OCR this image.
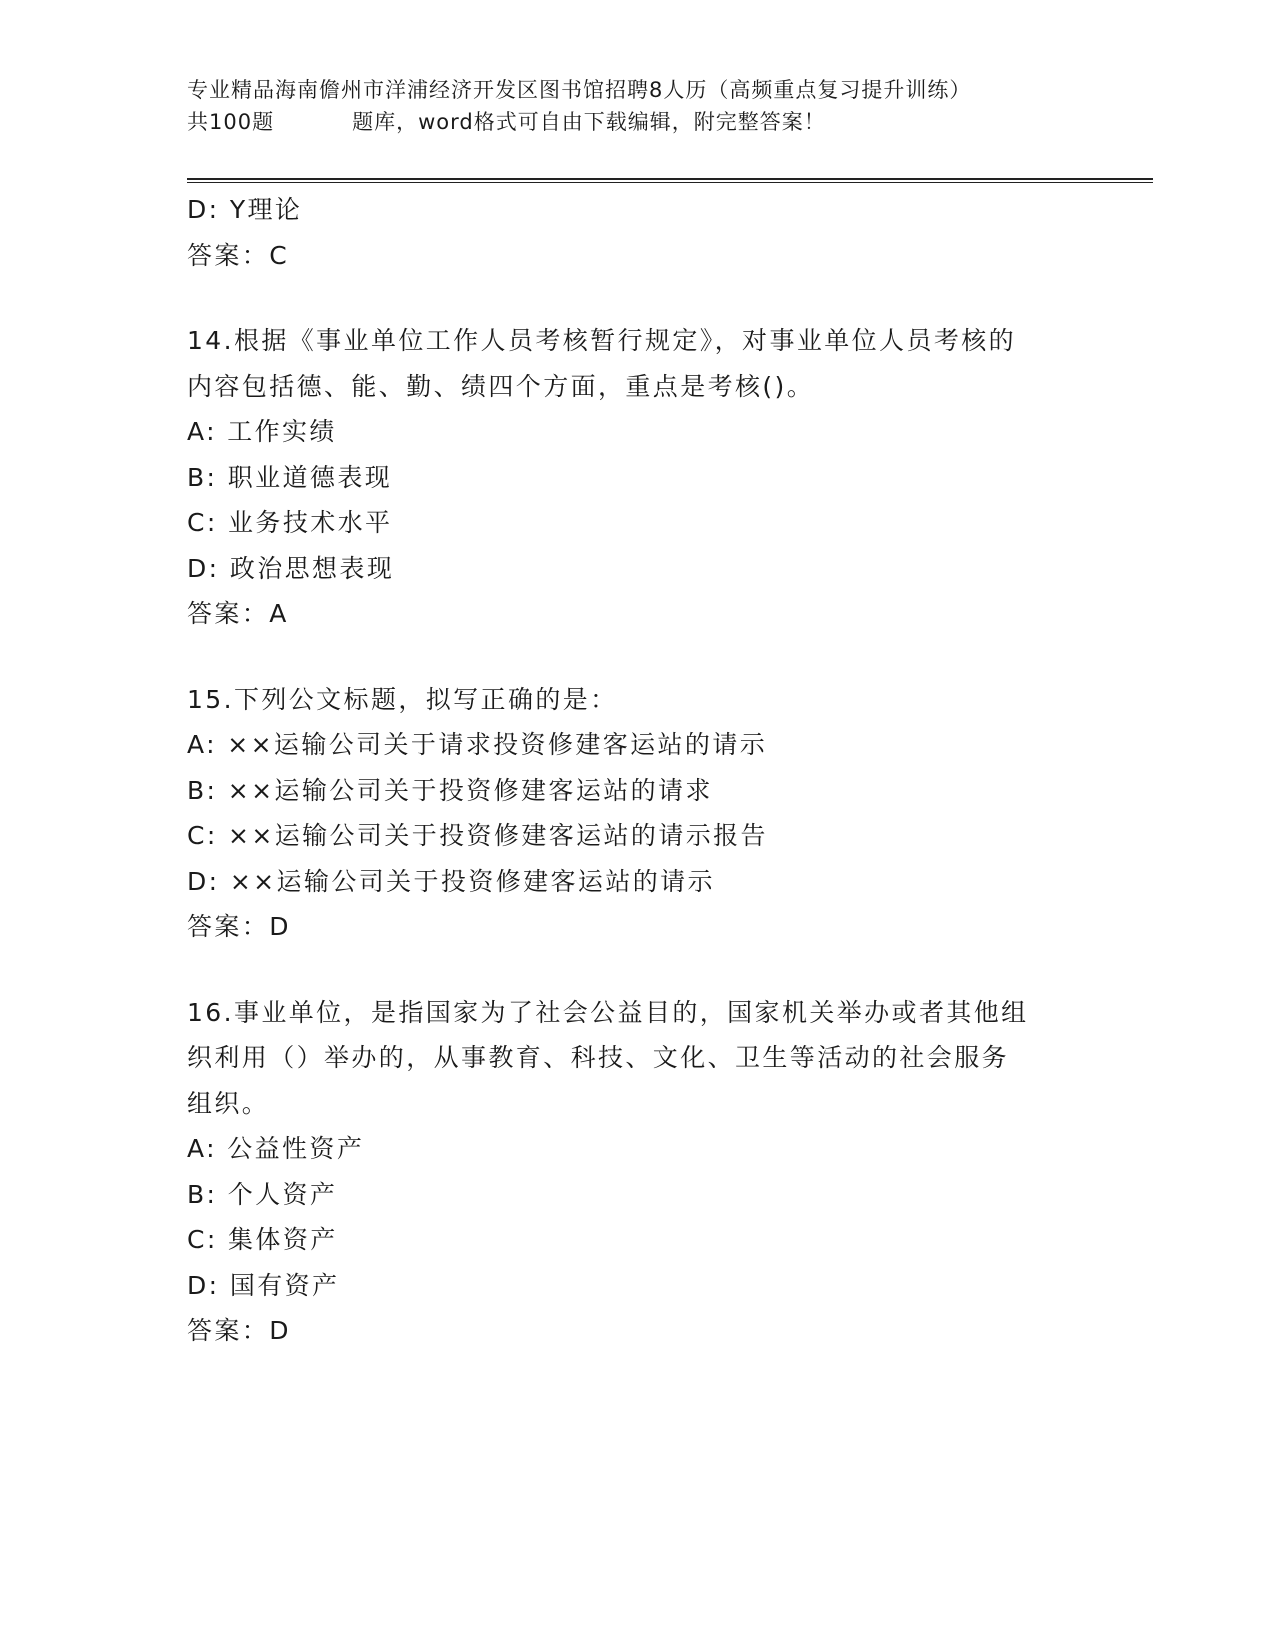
专业精品海南儋州市洋浦经济开发区图书馆招聘8人历（高频重点复习提升训练）
共100题	题库，word格式可自由下载编辑，附完整答案！
D: Y理论
答案：C
14.根据《事业单位工作人员考核暂行规定》，对事业单位人员考核的
内容包括德、能、勤、绩四个方面，重点是考核()。
A: 工作实绩
B: 职业道德表现
C: 业务技术水平
D: 政治思想表现
答案：A
15.下列公文标题，拟写正确的是：
A: ××运输公司关于请求投资修建客运站的请示
B: ××运输公司关于投资修建客运站的请求
C: ××运输公司关于投资修建客运站的请示报告
D: ××运输公司关于投资修建客运站的请示
答案：D
16.事业单位，是指国家为了社会公益目的，国家机关举办或者其他组
织利用（）举办的，从事教育、科技、文化、卫生等活动的社会服务
组织。
A: 公益性资产
B: 个人资产
C: 集体资产
D: 国有资产
答案：D
